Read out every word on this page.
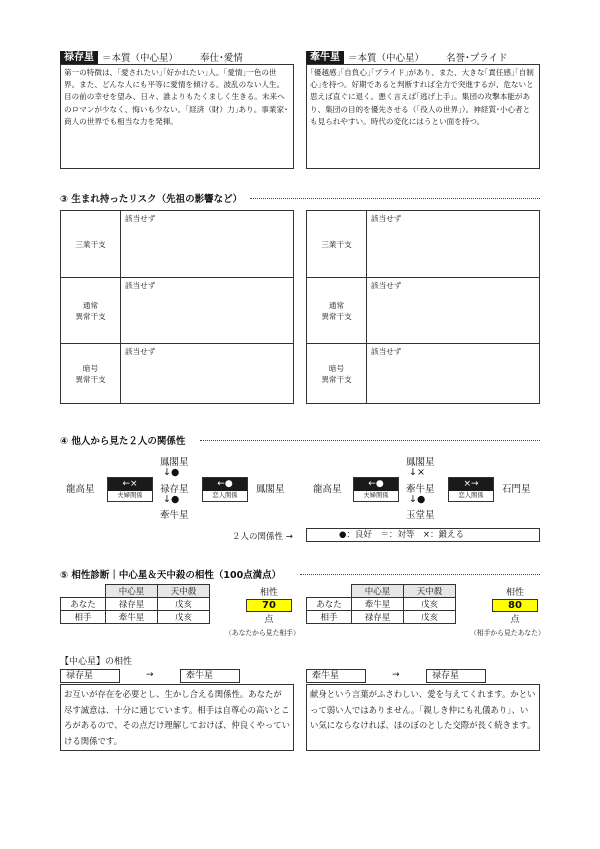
禄存星 ＝本質（中心星） 奉仕･愛情
第一の特徴は、｢愛されたい｣｢好かれたい｣人。｢愛情｣一色の世界。また、どんな人にも平等に愛情を傾ける。波乱のない人生。目の前の幸せを望み、日々、誰よりもたくましく生きる。未来へのロマンが少なく、悔いも少ない。｢経済（財）力｣あり。事業家･商人の世界でも相当な力を発揮。
牽牛星 ＝本質（中心星） 名誉･プライド
｢優越感｣｢自負心｣｢プライド｣があり、また、大きな｢責任感｣｢自制心｣を持つ。好期であると判断すれば全力で突進するが、危ないと思えば直ぐに退く。悪く言えば｢逃げ上手｣。集団の攻撃本能があり、集団の目的を優先させる（｢役人の世界｣）。神経質･小心者とも見られやすい。時代の変化にはうとい面を持つ。
③ 生まれ持ったリスク（先祖の影響など）
三業干支
該当せず
通常
異常干支
該当せず
暗号
異常干支
該当せず
三業干支
該当せず
通常
異常干支
該当せず
暗号
異常干支
該当せず
④ 他人から見た２人の関係性
鳳閣星
↓●
禄存星
↓●
牽牛星
龍高星	鳳閣星
←×
夫婦関係
←●
恋人関係
鳳閣星
↓×
牽牛星
↓●
玉堂星
龍高星	石門星
←●
夫婦関係
×→
恋人関係
２人の関係性 →	●：良好　＝：対等　×：鍛える
⑤ 相性診断｜中心星＆天中殺の相性（100点満点）
	中心星	天中殺
あなた	禄存星	戊亥
相手	牽牛星	戊亥
相性
70
点
（あなたから見た相手）
	中心星	天中殺
あなた	牽牛星	戊亥
相手	禄存星	戊亥
相性
80
点
（相手から見たあなた）
【中心星】の相性
禄存星	→	牽牛星
お互いが存在を必要とし、生かし合える関係性。あなたが尽す誠意は、十分に通じています。相手は自尊心の高いところがあるので、その点だけ理解しておけば、仲良くやっていける関係です。
牽牛星	→	禄存星
献身という言葉がふさわしい、愛を与えてくれます。かといって弱い人ではありません。「親しき仲にも礼儀あり」、いい気にならなければ、ほのぼのとした交際が長く続きます。
